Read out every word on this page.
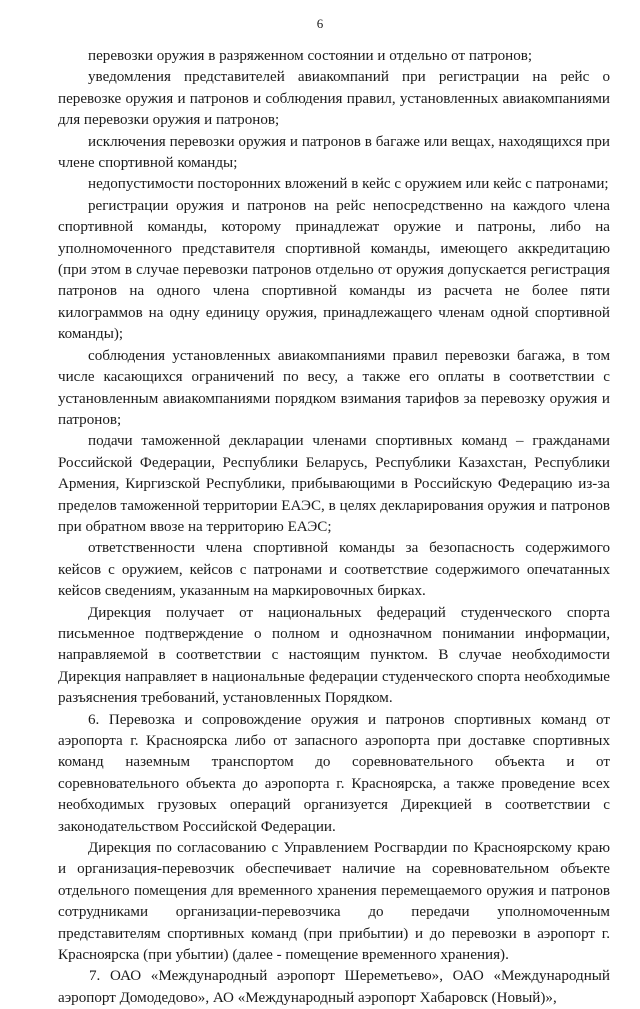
6

перевозки оружия в разряженном состоянии и отдельно от патронов;

уведомления представителей авиакомпаний при регистрации на рейс о перевозке оружия и патронов и соблюдения правил, установленных авиакомпаниями для перевозки оружия и патронов;

исключения перевозки оружия и патронов в багаже или вещах, находящихся при члене спортивной команды;

недопустимости посторонних вложений в кейс с оружием или кейс с патронами;

регистрации оружия и патронов на рейс непосредственно на каждого члена спортивной команды, которому принадлежат оружие и патроны, либо на уполномоченного представителя спортивной команды, имеющего аккредитацию (при этом в случае перевозки патронов отдельно от оружия допускается регистрация патронов на одного члена спортивной команды из расчета не более пяти килограммов на одну единицу оружия, принадлежащего членам одной спортивной команды);

соблюдения установленных авиакомпаниями правил перевозки багажа, в том числе касающихся ограничений по весу, а также его оплаты в соответствии с установленным авиакомпаниями порядком взимания тарифов за перевозку оружия и патронов;

подачи таможенной декларации членами спортивных команд – гражданами Российской Федерации, Республики Беларусь, Республики Казахстан, Республики Армения, Киргизской Республики, прибывающими в Российскую Федерацию из-за пределов таможенной территории ЕАЭС, в целях декларирования оружия и патронов при обратном ввозе на территорию ЕАЭС;

ответственности члена спортивной команды за безопасность содержимого кейсов с оружием, кейсов с патронами и соответствие содержимого опечатанных кейсов сведениям, указанным на маркировочных бирках.

Дирекция получает от национальных федераций студенческого спорта письменное подтверждение о полном и однозначном понимании информации, направляемой в соответствии с настоящим пунктом. В случае необходимости Дирекция направляет в национальные федерации студенческого спорта необходимые разъяснения требований, установленных Порядком.

6. Перевозка и сопровождение оружия и патронов спортивных команд от аэропорта г. Красноярска либо от запасного аэропорта при доставке спортивных команд наземным транспортом до соревновательного объекта и от соревновательного объекта до аэропорта г. Красноярска, а также проведение всех необходимых грузовых операций организуется Дирекцией в соответствии с законодательством Российской Федерации.

Дирекция по согласованию с Управлением Росгвардии по Красноярскому краю и организация-перевозчик обеспечивает наличие на соревновательном объекте отдельного помещения для временного хранения перемещаемого оружия и патронов сотрудниками организации-перевозчика до передачи уполномоченным представителям спортивных команд (при прибытии) и до перевозки в аэропорт г. Красноярска (при убытии) (далее - помещение временного хранения).

7. ОАО «Международный аэропорт Шереметьево», ОАО «Международный аэропорт Домодедово», АО «Международный аэропорт Хабаровск (Новый)»,
